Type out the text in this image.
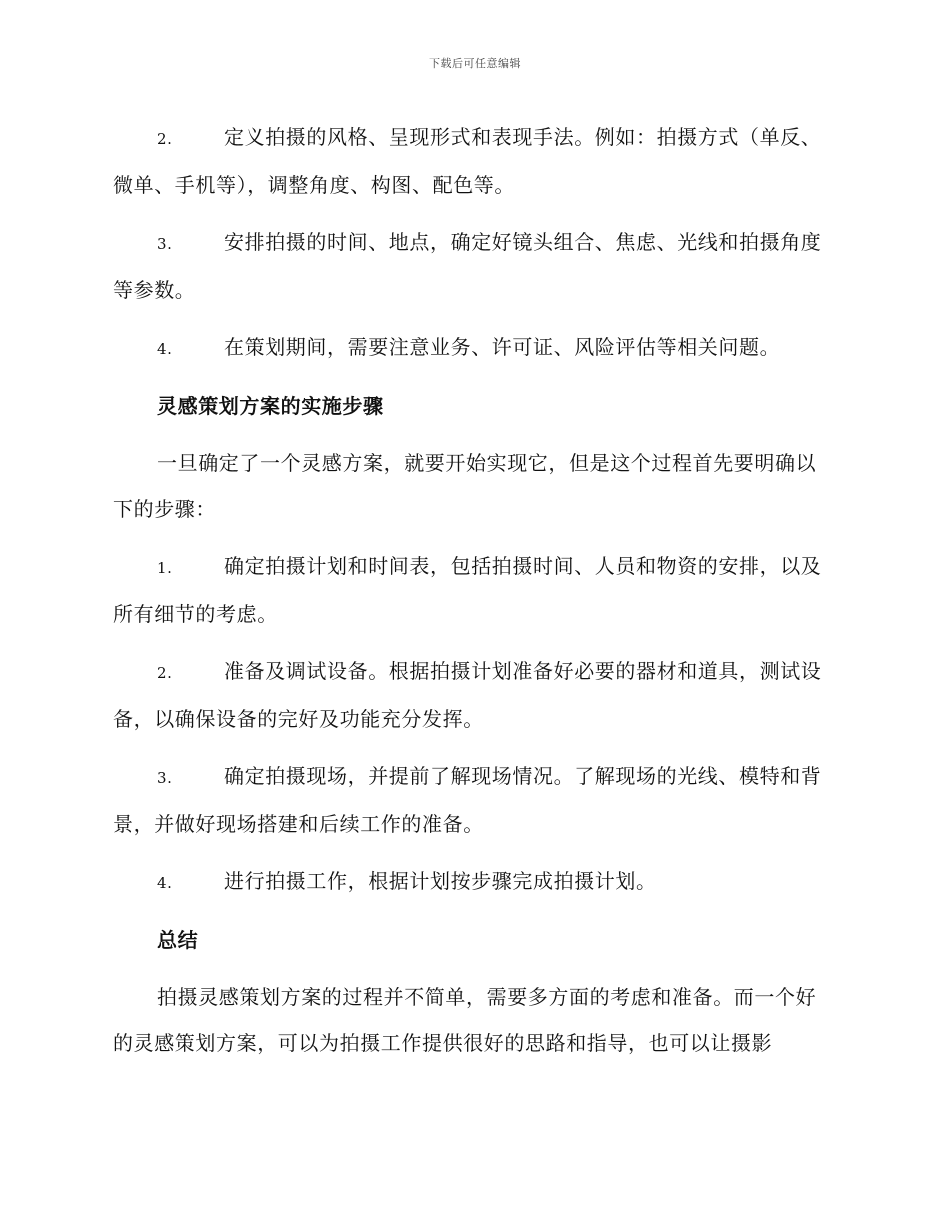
下载后可任意编辑

2.	定义拍摄的风格、呈现形式和表现手法。例如：拍摄方式（单反、微单、手机等），调整角度、构图、配色等。

3.	安排拍摄的时间、地点，确定好镜头组合、焦虑、光线和拍摄角度等参数。

4.	在策划期间，需要注意业务、许可证、风险评估等相关问题。

灵感策划方案的实施步骤

一旦确定了一个灵感方案，就要开始实现它，但是这个过程首先要明确以下的步骤：

1.	确定拍摄计划和时间表，包括拍摄时间、人员和物资的安排，以及所有细节的考虑。

2.	准备及调试设备。根据拍摄计划准备好必要的器材和道具，测试设备，以确保设备的完好及功能充分发挥。

3.	确定拍摄现场，并提前了解现场情况。了解现场的光线、模特和背景，并做好现场搭建和后续工作的准备。

4.	进行拍摄工作，根据计划按步骤完成拍摄计划。

总结

拍摄灵感策划方案的过程并不简单，需要多方面的考虑和准备。而一个好的灵感策划方案，可以为拍摄工作提供很好的思路和指导，也可以让摄影
